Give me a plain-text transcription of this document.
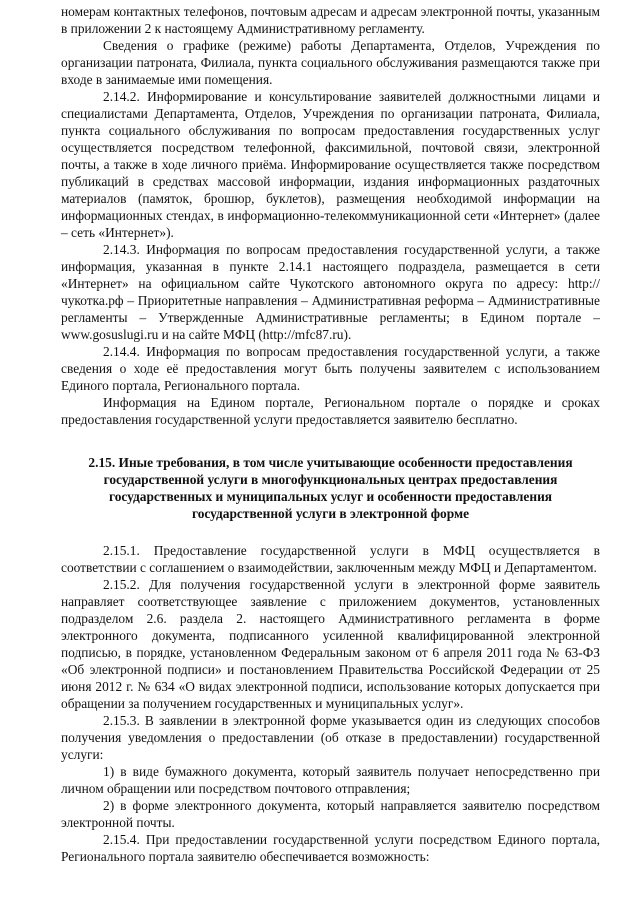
номерам контактных телефонов, почтовым адресам и адресам электронной почты, указанным в приложении 2 к настоящему Административному регламенту.

Сведения о графике (режиме) работы Департамента, Отделов, Учреждения по организации патроната, Филиала, пункта социального обслуживания размещаются также при входе в занимаемые ими помещения.

2.14.2. Информирование и консультирование заявителей должностными лицами и специалистами Департамента, Отделов, Учреждения по организации патроната, Филиала, пункта социального обслуживания по вопросам предоставления государственных услуг осуществляется посредством телефонной, факсимильной, почтовой связи, электронной почты, а также в ходе личного приёма. Информирование осуществляется также посредством публикаций в средствах массовой информации, издания информационных раздаточных материалов (памяток, брошюр, буклетов), размещения необходимой информации на информационных стендах, в информационно-телекоммуникационной сети «Интернет» (далее – сеть «Интернет»).

2.14.3. Информация по вопросам предоставления государственной услуги, а также информация, указанная в пункте 2.14.1 настоящего подраздела, размещается в сети «Интернет» на официальном сайте Чукотского автономного округа по адресу: http://чукотка.рф – Приоритетные направления – Административная реформа – Административные регламенты – Утвержденные Административные регламенты; в Едином портале – www.gosuslugi.ru и на сайте МФЦ (http://mfc87.ru).

2.14.4. Информация по вопросам предоставления государственной услуги, а также сведения о ходе её предоставления могут быть получены заявителем с использованием Единого портала, Регионального портала.

Информация на Едином портале, Региональном портале о порядке и сроках предоставления государственной услуги предоставляется заявителю бесплатно.

2.15. Иные требования, в том числе учитывающие особенности предоставления государственной услуги в многофункциональных центрах предоставления государственных и муниципальных услуг и особенности предоставления государственной услуги в электронной форме

2.15.1. Предоставление государственной услуги в МФЦ осуществляется в соответствии с соглашением о взаимодействии, заключенным между МФЦ и Департаментом.

2.15.2. Для получения государственной услуги в электронной форме заявитель направляет соответствующее заявление с приложением документов, установленных подразделом 2.6. раздела 2. настоящего Административного регламента в форме электронного документа, подписанного усиленной квалифицированной электронной подписью, в порядке, установленном Федеральным законом от 6 апреля 2011 года № 63-ФЗ «Об электронной подписи» и постановлением Правительства Российской Федерации от 25 июня 2012 г. № 634 «О видах электронной подписи, использование которых допускается при обращении за получением государственных и муниципальных услуг».

2.15.3. В заявлении в электронной форме указывается один из следующих способов получения уведомления о предоставлении (об отказе в предоставлении) государственной услуги:

1) в виде бумажного документа, который заявитель получает непосредственно при личном обращении или посредством почтового отправления;

2) в форме электронного документа, который направляется заявителю посредством электронной почты.

2.15.4. При предоставлении государственной услуги посредством Единого портала, Регионального портала заявителю обеспечивается возможность:
